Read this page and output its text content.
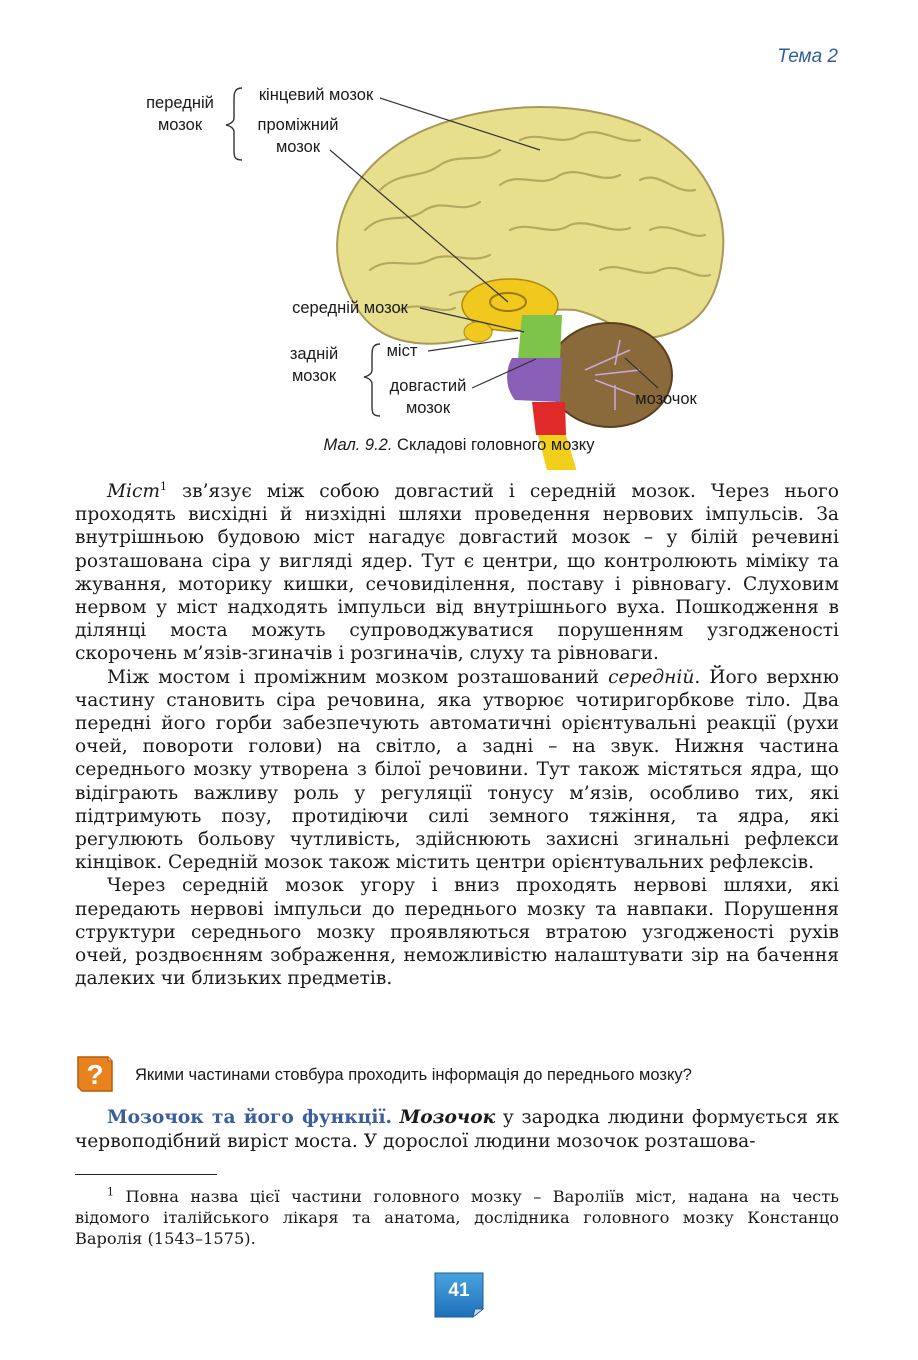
Тема 2
передній
мозок
кінцевий мозок
проміжний
мозок
середній мозок
задній
мозок
міст
довгастий
мозок	мозочок
Мал. 9.2. Складові головного мозку

Міст$^1$ зв’язує між собою довгастий і середній мозок. Через нього проходять висхідні й низхідні шляхи проведення нервових імпульсів. За внутрішньою будовою міст нагадує довгастий мозок – у білій речевині розташована сіра у вигляді ядер. Тут є центри, що контролюють міміку та жування, моторику кишки, сечовиділення, поставу і рівновагу. Слуховим нервом у міст надходять імпульси від внутрішнього вуха. Пошкодження в ділянці моста можуть супроводжуватися порушенням узгодженості скорочень м’язів-згиначів і розгиначів, слуху та рівноваги.

Між мостом і проміжним мозком розташований середній. Його верхню частину становить сіра речовина, яка утворює чотиригорбкове тіло. Два передні його горби забезпечують автоматичні орієнтувальні реакції (рухи очей, повороти голови) на світло, а задні – на звук. Нижня частина середнього мозку утворена з білої речовини. Тут також містяться ядра, що відіграють важливу роль у регуляції тонусу м’язів, особливо тих, які підтримують позу, протидіючи силі земного тяжіння, та ядра, які регулюють больову чутливість, здійснюють захисні згинальні рефлекси кінцівок. Середній мозок також містить центри орієнтувальних рефлексів.

Через середній мозок угору і вниз проходять нервові шляхи, які передають нервові імпульси до переднього мозку та навпаки. Порушення структури середнього мозку проявляються втратою узгодженості рухів очей, роздвоєнням зображення, неможливістю налаштувати зір на бачення далеких чи близьких предметів.

? Якими частинами стовбура проходить інформація до переднього мозку?

Мозочок та його функції. Мозочок у зародка людини формується як червоподібний виріст моста. У дорослої людини мозочок розташова-

$^1$ Повна назва цієї частини головного мозку – Варoліїв міст, надана на честь відомого італійського лікаря та анатома, дослідника головного мозку Констанцо Варолія (1543–1575).

41
